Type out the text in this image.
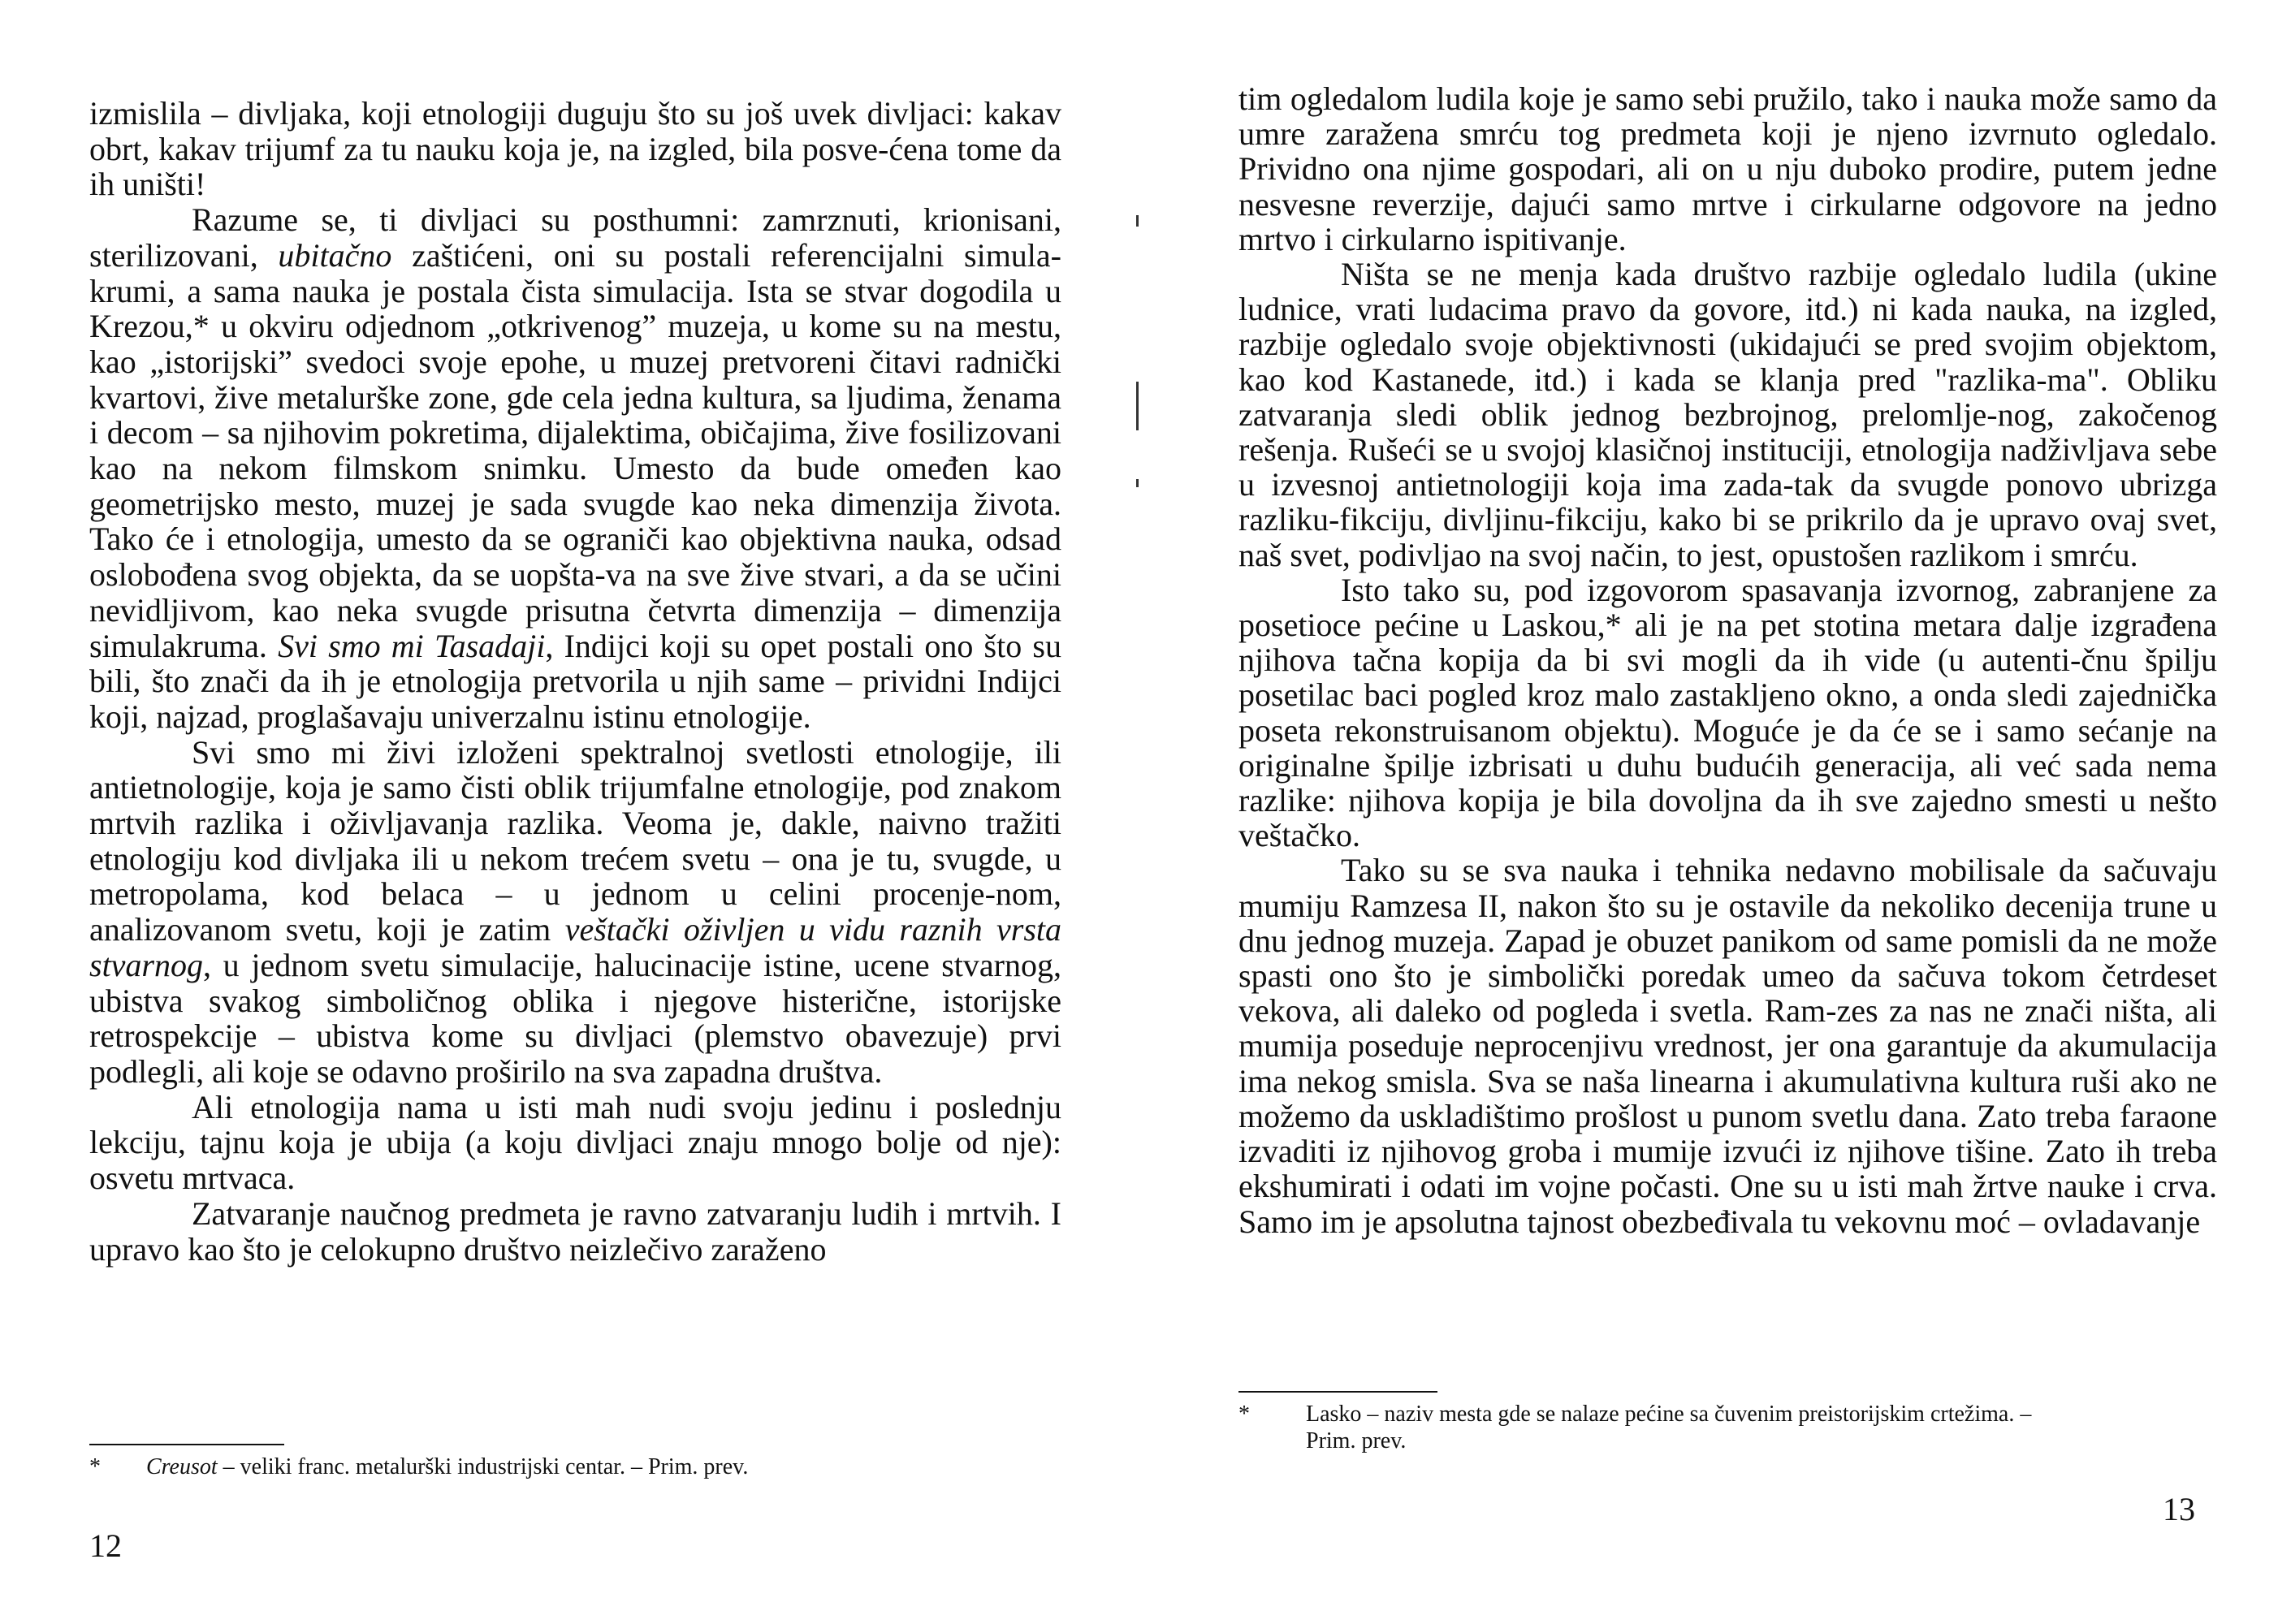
izmislila – divljaka, koji etnologiji duguju što su još uvek divljaci: kakav obrt, kakav trijumf za tu nauku koja je, na izgled, bila posve-ćena tome da ih uništi!

Razume se, ti divljaci su posthumni: zamrznuti, krionisani, sterilizovani, ubitačno zaštićeni, oni su postali referencijalni simula-krumi, a sama nauka je postala čista simulacija. Ista se stvar dogodila u Krezou,* u okviru odjednom „otkrivenog” muzeja, u kome su na mestu, kao „istorijski” svedoci svoje epohe, u muzej pretvoreni čitavi radnički kvartovi, žive metalurške zone, gde cela jedna kultura, sa ljudima, ženama i decom – sa njihovim pokretima, dijalektima, običajima, žive fosilizovani kao na nekom filmskom snimku. Umesto da bude omeđen kao geometrijsko mesto, muzej je sada svugde kao neka dimenzija života. Tako će i etnologija, umesto da se ograniči kao objektivna nauka, odsad oslobođena svog objekta, da se uopšta-va na sve žive stvari, a da se učini nevidljivom, kao neka svugde prisutna četvrta dimenzija – dimenzija simulakruma. Svi smo mi Tasadaji, Indijci koji su opet postali ono što su bili, što znači da ih je etnologija pretvorila u njih same – prividni Indijci koji, najzad, proglašavaju univerzalnu istinu etnologije.

Svi smo mi živi izloženi spektralnoj svetlosti etnologije, ili antietnologije, koja je samo čisti oblik trijumfalne etnologije, pod znakom mrtvih razlika i oživljavanja razlika. Veoma je, dakle, naivno tražiti etnologiju kod divljaka ili u nekom trećem svetu – ona je tu, svugde, u metropolama, kod belaca – u jednom u celini procenje-nom, analizovanom svetu, koji je zatim veštački oživljen u vidu raznih vrsta stvarnog, u jednom svetu simulacije, halucinacije istine, ucene stvarnog, ubistva svakog simboličnog oblika i njegove histerične, istorijske retrospekcije – ubistva kome su divljaci (plemstvo obavezuje) prvi podlegli, ali koje se odavno proširilo na sva zapadna društva.

Ali etnologija nama u isti mah nudi svoju jedinu i poslednju lekciju, tajnu koja je ubija (a koju divljaci znaju mnogo bolje od nje): osvetu mrtvaca.

Zatvaranje naučnog predmeta je ravno zatvaranju ludih i mrtvih. I upravo kao što je celokupno društvo neizlečivo zaraženo

* Creusot – veliki franc. metalurški industrijski centar. – Prim. prev.
12

tim ogledalom ludila koje je samo sebi pružilo, tako i nauka može samo da umre zaražena smrću tog predmeta koji je njeno izvrnuto ogledalo. Prividno ona njime gospodari, ali on u nju duboko prodire, putem jedne nesvesne reverzije, dajući samo mrtve i cirkularne odgovore na jedno mrtvo i cirkularno ispitivanje.

Ništa se ne menja kada društvo razbije ogledalo ludila (ukine ludnice, vrati ludacima pravo da govore, itd.) ni kada nauka, na izgled, razbije ogledalo svoje objektivnosti (ukidajući se pred svojim objektom, kao kod Kastanede, itd.) i kada se klanja pred "razlika-ma". Obliku zatvaranja sledi oblik jednog bezbrojnog, prelomlje-nog, zakočenog rešenja. Rušeći se u svojoj klasičnoj instituciji, etnologija nadživljava sebe u izvesnoj antietnologiji koja ima zada-tak da svugde ponovo ubrizga razliku-fikciju, divljinu-fikciju, kako bi se prikrilo da je upravo ovaj svet, naš svet, podivljao na svoj način, to jest, opustošen razlikom i smrću.

Isto tako su, pod izgovorom spasavanja izvornog, zabranjene za posetioce pećine u Laskou,* ali je na pet stotina metara dalje izgrađena njihova tačna kopija da bi svi mogli da ih vide (u autenti-čnu špilju posetilac baci pogled kroz malo zastakljeno okno, a onda sledi zajednička poseta rekonstruisanom objektu). Moguće je da će se i samo sećanje na originalne špilje izbrisati u duhu budućih generacija, ali već sada nema razlike: njihova kopija je bila dovoljna da ih sve zajedno smesti u nešto veštačko.

Tako su se sva nauka i tehnika nedavno mobilisale da sačuvaju mumiju Ramzesa II, nakon što su je ostavile da nekoliko decenija trune u dnu jednog muzeja. Zapad je obuzet panikom od same pomisli da ne može spasti ono što je simbolički poredak umeo da sačuva tokom četrdeset vekova, ali daleko od pogleda i svetla. Ram-zes za nas ne znači ništa, ali mumija poseduje neprocenjivu vrednost, jer ona garantuje da akumulacija ima nekog smisla. Sva se naša linearna i akumulativna kultura ruši ako ne možemo da uskladištimo prošlost u punom svetlu dana. Zato treba faraone izvaditi iz njihovog groba i mumije izvući iz njihove tišine. Zato ih treba ekshumirati i odati im vojne počasti. One su u isti mah žrtve nauke i crva. Samo im je apsolutna tajnost obezbeđivala tu vekovnu moć – ovladavanje

* Lasko – naziv mesta gde se nalaze pećine sa čuvenim preistorijskim crtežima. –
Prim. prev.
13
